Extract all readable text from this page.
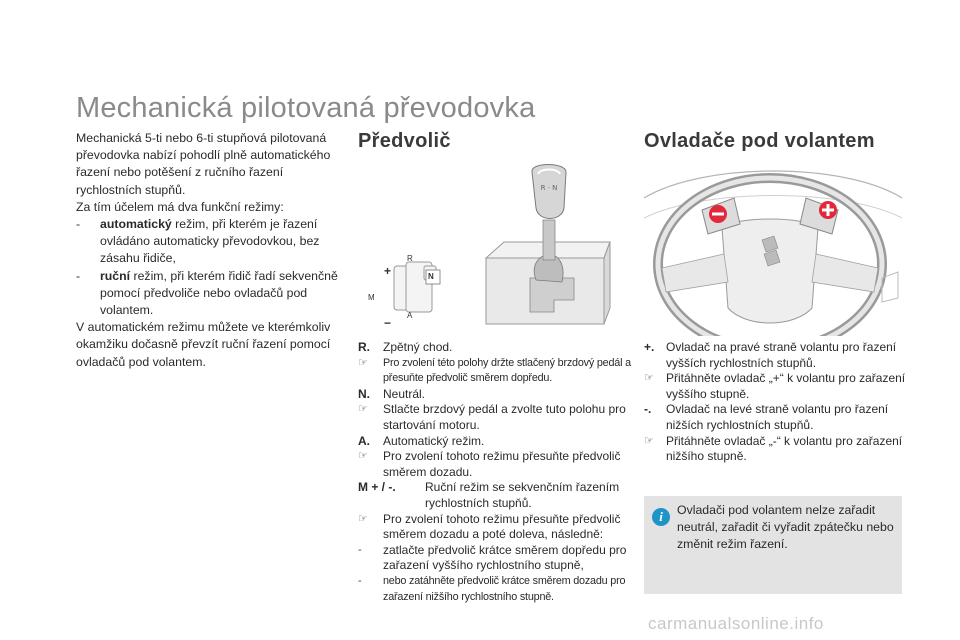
Mechanická pilotovaná převodovka

Mechanická 5-ti nebo 6-ti stupňová pilotovaná převodovka nabízí pohodlí plně automatického řazení nebo potěšení z ručního řazení rychlostních stupňů.

Za tím účelem má dva funkční režimy:

-	automatický režim, při kterém je řazení ovládáno automaticky převodovkou, bez zásahu řidiče,
-	ruční režim, při kterém řidič řadí sekvenčně pomocí předvoliče nebo ovladačů pod volantem.

V automatickém režimu můžete ve kterémkoliv okamžiku dočasně převzít ruční řazení pomocí ovladačů pod volantem.

Předvolič
R · N
R
N
A
+
M
−
R.	Zpětný chod.
☞	Pro zvolení této polohy držte stlačený brzdový pedál a přesuňte předvolič směrem dopředu.
N.	Neutrál.
☞	Stlačte brzdový pedál a zvolte tuto polohu pro startování motoru.
A.	Automatický režim.
☞	Pro zvolení tohoto režimu přesuňte předvolič směrem dozadu.
M + / -.	Ruční režim se sekvenčním řazením rychlostních stupňů.
☞	Pro zvolení tohoto režimu přesuňte předvolič směrem dozadu a poté doleva, následně:
-	zatlačte předvolič krátce směrem dopředu pro zařazení vyššího rychlostního stupně,
-	nebo zatáhněte předvolič krátce směrem dozadu pro zařazení nižšího rychlostního stupně.
Ovladače pod volantem
+. Ovladač na pravé straně volantu pro řazení vyšších rychlostních stupňů.
☞	Přitáhněte ovladač „+“ k volantu pro zařazení vyššího stupně.
-.	Ovladač na levé straně volantu pro řazení nižších rychlostních stupňů.
☞	Přitáhněte ovladač „-“ k volantu pro zařazení nižšího stupně.
i	Ovladači pod volantem nelze zařadit neutrál, zařadit či vyřadit zpátečku nebo změnit režim řazení.
carmanualsonline.info
